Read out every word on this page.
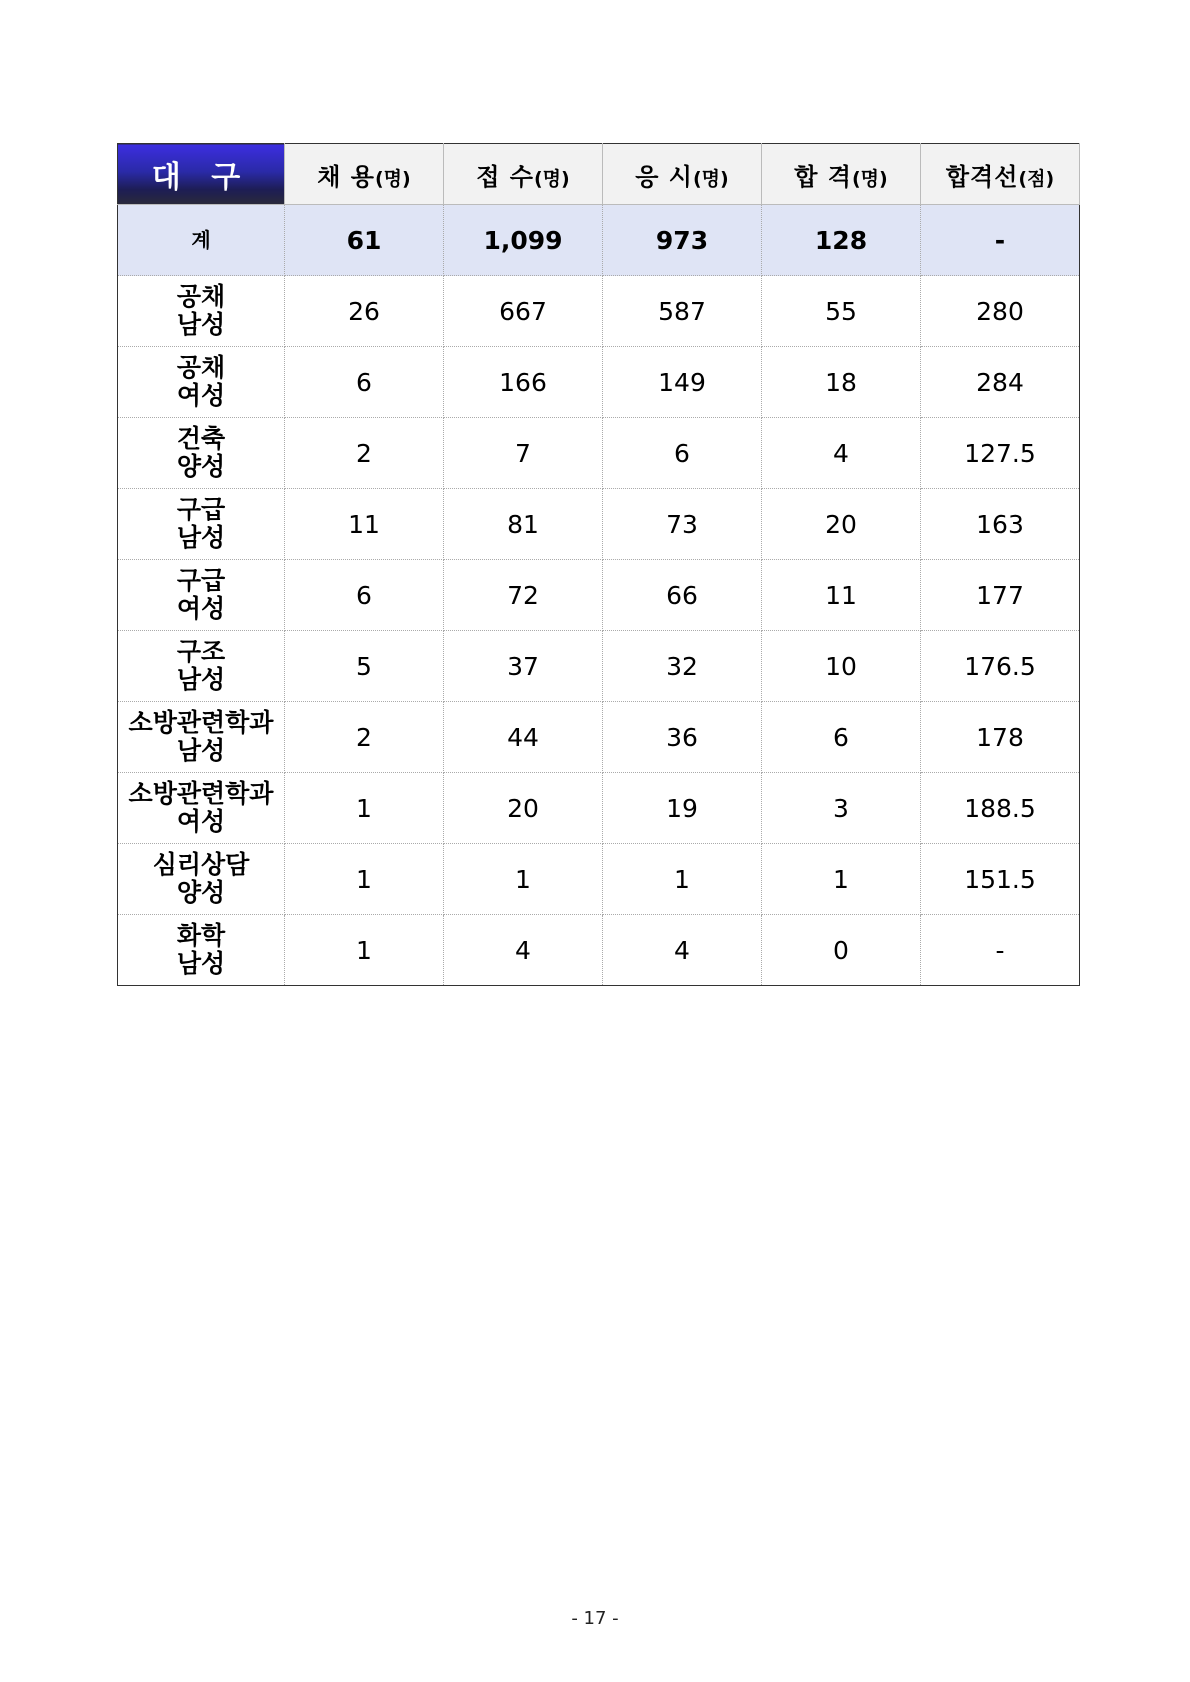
대 구	채 용(명)	접 수(명)	응 시(명)	합 격(명)	합격선(점)
계	61	1,099	973	128	-

공채
남성	26	667	587	55	280

공채
여성	6	166	149	18	284

건축
양성	2	7	6	4	127.5

구급
남성	11	81	73	20	163

구급
여성	6	72	66	11	177

구조
남성	5	37	32	10	176.5

소방관련학과
남성	2	44	36	6	178

소방관련학과
여성	1	20	19	3	188.5

심리상담
양성	1	1	1	1	151.5

화학
남성	1	4	4	0	-
- 17 -
